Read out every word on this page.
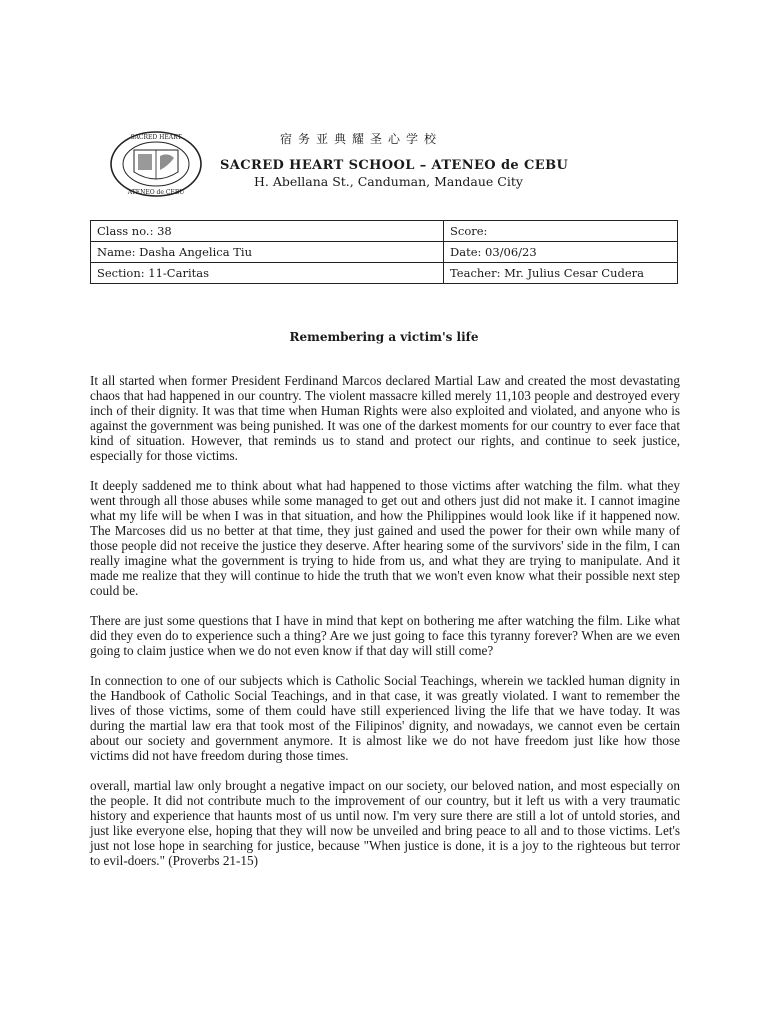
SACRED HEART
ATENEO de CEBU
宿务亚典耀圣心学校
SACRED HEART SCHOOL – ATENEO de CEBU
H. Abellana St., Canduman, Mandaue City
Class no.: 38	Score:
Name: Dasha Angelica Tiu	Date: 03/06/23
Section: 11-Caritas	Teacher: Mr. Julius Cesar Cudera
Remembering a victim's life

It all started when former President Ferdinand Marcos declared Martial Law and created the most devastating chaos that had happened in our country. The violent massacre killed merely 11,103 people and destroyed every inch of their dignity. It was that time when Human Rights were also exploited and violated, and anyone who is against the government was being punished. It was one of the darkest moments for our country to ever face that kind of situation. However, that reminds us to stand and protect our rights, and continue to seek justice, especially for those victims.

It deeply saddened me to think about what had happened to those victims after watching the film. what they went through all those abuses while some managed to get out and others just did not make it. I cannot imagine what my life will be when I was in that situation, and how the Philippines would look like if it happened now. The Marcoses did us no better at that time, they just gained and used the power for their own while many of those people did not receive the justice they deserve. After hearing some of the survivors' side in the film, I can really imagine what the government is trying to hide from us, and what they are trying to manipulate. And it made me realize that they will continue to hide the truth that we won't even know what their possible next step could be.

There are just some questions that I have in mind that kept on bothering me after watching the film. Like what did they even do to experience such a thing? Are we just going to face this tyranny forever? When are we even going to claim justice when we do not even know if that day will still come?

In connection to one of our subjects which is Catholic Social Teachings, wherein we tackled human dignity in the Handbook of Catholic Social Teachings, and in that case, it was greatly violated. I want to remember the lives of those victims, some of them could have still experienced living the life that we have today. It was during the martial law era that took most of the Filipinos' dignity, and nowadays, we cannot even be certain about our society and government anymore. It is almost like we do not have freedom just like how those victims did not have freedom during those times.

overall, martial law only brought a negative impact on our society, our beloved nation, and most especially on the people. It did not contribute much to the improvement of our country, but it left us with a very traumatic history and experience that haunts most of us until now. I'm very sure there are still a lot of untold stories, and just like everyone else, hoping that they will now be unveiled and bring peace to all and to those victims. Let's just not lose hope in searching for justice, because "When justice is done, it is a joy to the righteous but terror to evil-doers." (Proverbs 21-15)
